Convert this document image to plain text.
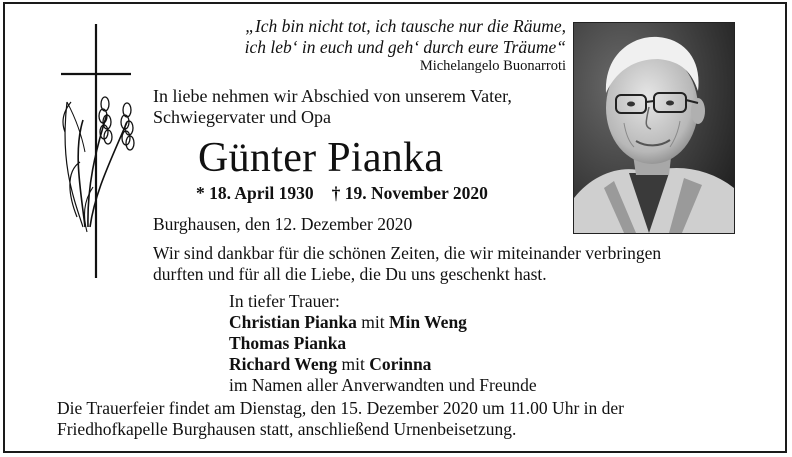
„Ich bin nicht tot, ich tausche nur die Räume,
ich leb‘ in euch und geh‘ durch eure Träume“
Michelangelo Buonarroti
In liebe nehmen wir Abschied von unserem Vater,
Schwiegervater und Opa
Günter Pianka
* 18. April 1930 † 19. November 2020
Burghausen, den 12. Dezember 2020
Wir sind dankbar für die schönen Zeiten, die wir miteinander verbringen
durften und für all die Liebe, die Du uns geschenkt hast.
In tiefer Trauer:
Christian Pianka mit Min Weng
Thomas Pianka
Richard Weng mit Corinna
im Namen aller Anverwandten und Freunde
Die Trauerfeier findet am Dienstag, den 15. Dezember 2020 um 11.00 Uhr in der
Friedhofkapelle Burghausen statt, anschließend Urnenbeisetzung.
